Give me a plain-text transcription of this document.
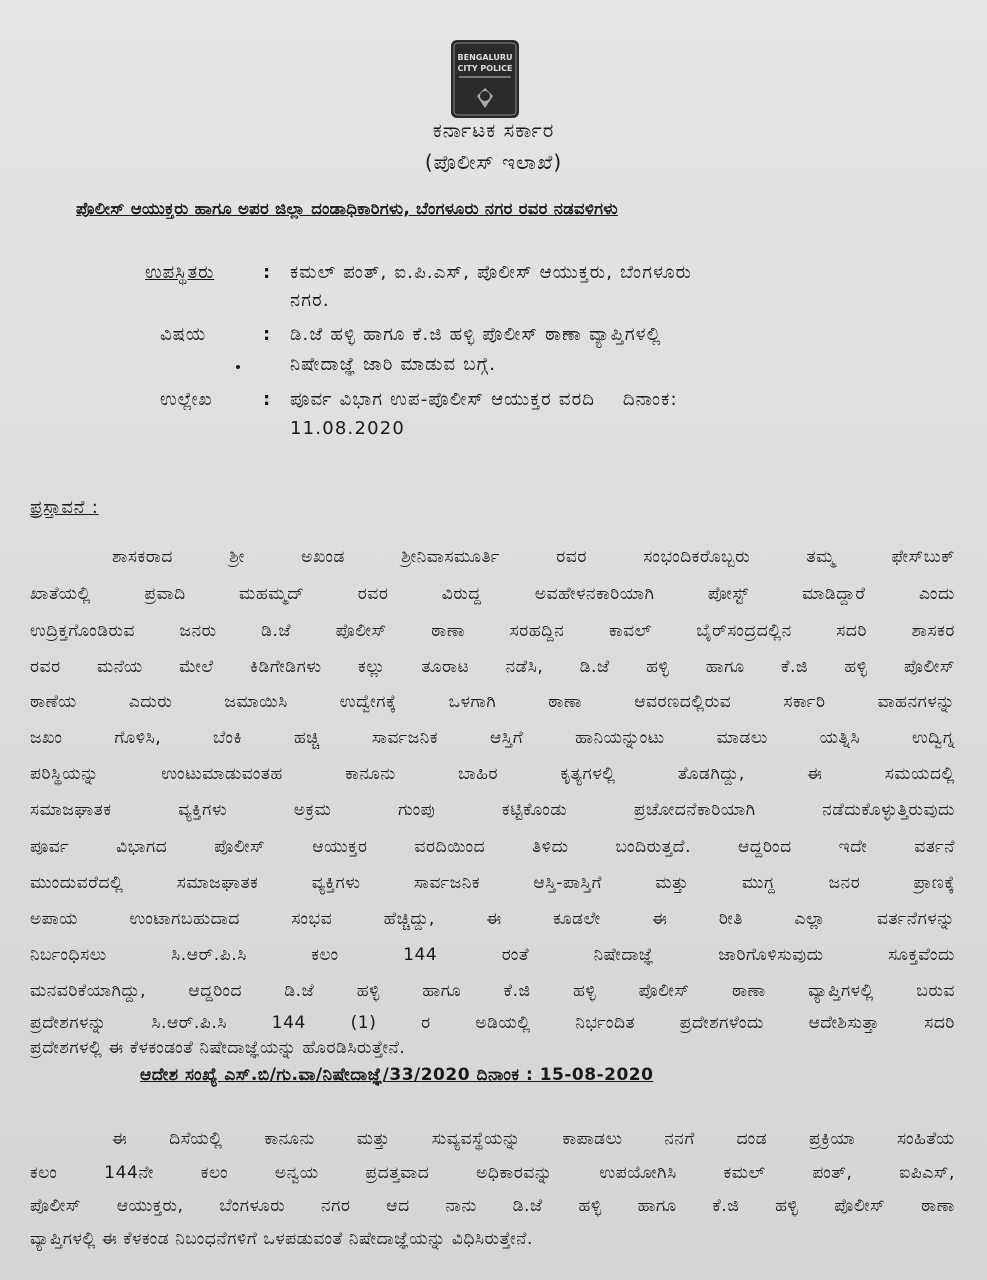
BENGALURU
CITY POLICE
ಕರ್ನಾಟಕ ಸರ್ಕಾರ
(ಪೊಲೀಸ್ ಇಲಾಖೆ)
ಪೊಲೀಸ್ ಆಯುಕ್ತರು ಹಾಗೂ ಅಪರ ಜಿಲ್ಲಾ ದಂಡಾಧಿಕಾರಿಗಳು, ಬೆಂಗಳೂರು ನಗರ ರವರ ನಡವಳಿಗಳು
ಉಪಸ್ಥಿತರು	: ಕಮಲ್ ಪಂತ್, ಐ.ಪಿ.ಎಸ್, ಪೊಲೀಸ್ ಆಯುಕ್ತರು, ಬೆಂಗಳೂರು
ನಗರ.
ವಿಷಯ	: ಡಿ.ಜೆ ಹಳ್ಳಿ ಹಾಗೂ ಕೆ.ಜಿ ಹಳ್ಳಿ ಪೊಲೀಸ್ ಠಾಣಾ ವ್ಯಾಪ್ತಿಗಳಲ್ಲಿ
ನಿಷೇದಾಜ್ಞೆ ಜಾರಿ ಮಾಡುವ ಬಗ್ಗೆ.
ಉಲ್ಲೇಖ	: ಪೂರ್ವ ವಿಭಾಗ ಉಪ-ಪೊಲೀಸ್ ಆಯುಕ್ತರ ವರದಿ    ದಿನಾಂಕ:
11.08.2020
ಪ್ರಸ್ತಾವನೆ :
ಶಾಸಕರಾದ ಶ್ರೀ ಅಖಂಡ ಶ್ರೀನಿವಾಸಮೂರ್ತಿ ರವರ ಸಂಭಂದಿಕರೊಬ್ಬರು ತಮ್ಮ ಫೇಸ್‌ಬುಕ್
ಖಾತೆಯಲ್ಲಿ ಪ್ರವಾದಿ ಮಹಮ್ಮದ್ ರವರ ವಿರುದ್ದ ಅವಹೇಳನಕಾರಿಯಾಗಿ ಪೋಸ್ಟ್ ಮಾಡಿದ್ದಾರೆ ಎಂದು
ಉದ್ರಿಕ್ತಗೊಂಡಿರುವ ಜನರು ಡಿ.ಜೆ ಪೊಲೀಸ್ ಠಾಣಾ ಸರಹದ್ದಿನ ಕಾವಲ್ ಬೈರ್‌ಸಂದ್ರದಲ್ಲಿನ ಸದರಿ ಶಾಸಕರ
ರವರ ಮನೆಯ ಮೇಲೆ ಕಿಡಿಗೇಡಿಗಳು ಕಲ್ಲು ತೂರಾಟ ನಡೆಸಿ, ಡಿ.ಜೆ ಹಳ್ಳಿ ಹಾಗೂ ಕೆ.ಜಿ ಹಳ್ಳಿ ಪೊಲೀಸ್
ಠಾಣೆಯ ಎದುರು ಜಮಾಯಿಸಿ ಉದ್ವೇಗಕ್ಕೆ ಒಳಗಾಗಿ ಠಾಣಾ ಆವರಣದಲ್ಲಿರುವ ಸರ್ಕಾರಿ ವಾಹನಗಳನ್ನು
ಜಖಂ ಗೊಳಿಸಿ, ಬೆಂಕಿ ಹಚ್ಚಿ ಸಾರ್ವಜನಿಕ ಆಸ್ತಿಗೆ ಹಾನಿಯನ್ನುಂಟು ಮಾಡಲು ಯತ್ನಿಸಿ ಉದ್ವಿಗ್ನ
ಪರಿಸ್ಥಿಯನ್ನು ಉಂಟುಮಾಡುವಂತಹ ಕಾನೂನು ಬಾಹಿರ ಕೃತ್ಯಗಳಲ್ಲಿ ತೊಡಗಿದ್ದು, ಈ ಸಮಯದಲ್ಲಿ
ಸಮಾಜಘಾತಕ ವ್ಯಕ್ತಿಗಳು ಅಕ್ರಮ ಗುಂಪು ಕಟ್ಟಿಕೊಂಡು ಪ್ರಚೋದನೆಕಾರಿಯಾಗಿ ನಡೆದುಕೊಳ್ಳುತ್ತಿರುವುದು
ಪೂರ್ವ ವಿಭಾಗದ ಪೊಲೀಸ್ ಆಯುಕ್ತರ ವರದಿಯಿಂದ ತಿಳಿದು ಬಂದಿರುತ್ತದೆ. ಆದ್ದರಿಂದ ಇದೇ ವರ್ತನೆ
ಮುಂದುವರೆದಲ್ಲಿ ಸಮಾಜಘಾತಕ ವ್ಯಕ್ತಿಗಳು ಸಾರ್ವಜನಿಕ ಆಸ್ತಿ-ಪಾಸ್ತಿಗೆ ಮತ್ತು ಮುಗ್ದ ಜನರ ಪ್ರಾಣಕ್ಕೆ
ಅಪಾಯ ಉಂಟಾಗಬಹುದಾದ ಸಂಭವ ಹೆಚ್ಚಿದ್ದು, ಈ ಕೂಡಲೇ ಈ ರೀತಿ ಎಲ್ಲಾ ವರ್ತನೆಗಳನ್ನು
ನಿರ್ಬಂಧಿಸಲು ಸಿ.ಆರ್.ಪಿ.ಸಿ ಕಲಂ 144 ರಂತೆ ನಿಷೇದಾಜ್ಞೆ ಜಾರಿಗೊಳಿಸುವುದು ಸೂಕ್ತವೆಂದು
ಮನವರಿಕೆಯಾಗಿದ್ದು, ಆದ್ದರಿಂದ ಡಿ.ಜೆ ಹಳ್ಳಿ ಹಾಗೂ ಕೆ.ಜಿ ಹಳ್ಳಿ ಪೊಲೀಸ್ ಠಾಣಾ ವ್ಯಾಪ್ತಿಗಳಲ್ಲಿ ಬರುವ
ಪ್ರದೇಶಗಳನ್ನು ಸಿ.ಆರ್.ಪಿ.ಸಿ 144 (1) ರ ಅಡಿಯಲ್ಲಿ ನಿರ್ಭಂದಿತ ಪ್ರದೇಶಗಳೆಂದು ಆದೇಶಿಸುತ್ತಾ ಸದರಿ
ಪ್ರದೇಶಗಳಲ್ಲಿ ಈ ಕೆಳಕಂಡಂತೆ ನಿಷೇದಾಜ್ಞೆಯನ್ನು ಹೊರಡಿಸಿರುತ್ತೇನೆ.
ಆದೇಶ ಸಂಖ್ಯೆ ಎಸ್.ಬಿ/ಗು.ವಾ/ನಿಷೇದಾಜ್ಞೆ/33/2020 ದಿನಾಂಕ : 15-08-2020
ಈ ದಿಸೆಯಲ್ಲಿ ಕಾನೂನು ಮತ್ತು ಸುವ್ಯವಸ್ಥೆಯನ್ನು ಕಾಪಾಡಲು ನನಗೆ ದಂಡ ಪ್ರಕ್ರಿಯಾ ಸಂಹಿತೆಯ
ಕಲಂ 144ನೇ ಕಲಂ ಅನ್ವಯ ಪ್ರದತ್ತವಾದ ಅಧಿಕಾರವನ್ನು ಉಪಯೋಗಿಸಿ ಕಮಲ್ ಪಂತ್, ಐಪಿಎಸ್,
ಪೊಲೀಸ್ ಆಯುಕ್ತರು, ಬೆಂಗಳೂರು ನಗರ ಆದ ನಾನು ಡಿ.ಜೆ ಹಳ್ಳಿ ಹಾಗೂ ಕೆ.ಜಿ ಹಳ್ಳಿ ಪೊಲೀಸ್ ಠಾಣಾ
ವ್ಯಾಪ್ತಿಗಳಲ್ಲಿ ಈ ಕೆಳಕಂಡ ನಿಬಂಧನೆಗಳಿಗೆ ಒಳಪಡುವಂತೆ ನಿಷೇದಾಜ್ಞೆಯನ್ನು ವಿಧಿಸಿರುತ್ತೇನೆ.
